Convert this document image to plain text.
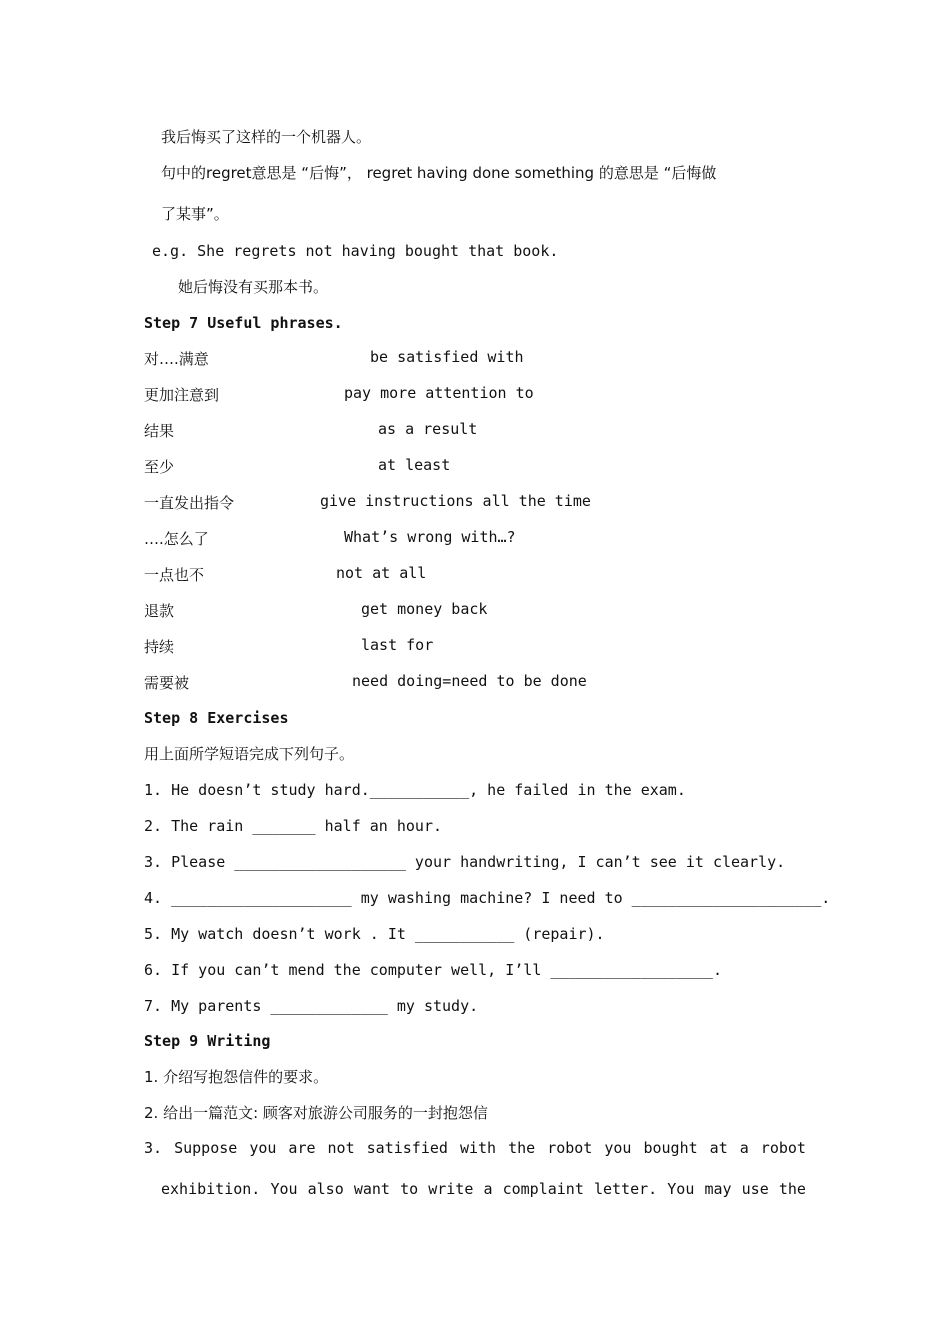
我后悔买了这样的一个机器人。
句中的regret意思是 “后悔”， regret having done something 的意思是 “后悔做
了某事”。
e.g. She regrets not having bought that book.
她后悔没有买那本书。
Step 7 Useful phrases.
对….满意	be satisfied with
更加注意到	pay more attention to
结果	as a result
至少	at least
一直发出指令	give instructions all the time
….怎么了	What’s wrong with…?
一点也不	not at all
退款	get money back
持续	last for
需要被	need doing=need to be done
Step 8 Exercises
用上面所学短语完成下列句子。
1. He doesn’t study hard.___________, he failed in the exam.
2. The rain _______ half an hour.
3. Please ___________________ your handwriting, I can’t see it clearly.
4. ____________________ my washing machine? I need to _____________________.
5. My watch doesn’t work . It ___________ (repair).
6. If you can’t mend the computer well, I’ll __________________.
7. My parents _____________ my study.
Step 9 Writing
1. 介绍写抱怨信件的要求。
2. 给出一篇范文: 顾客对旅游公司服务的一封抱怨信
3. Suppose you are not satisfied with the robot you bought at a robot
exhibition. You also want to write a complaint letter. You may use the
